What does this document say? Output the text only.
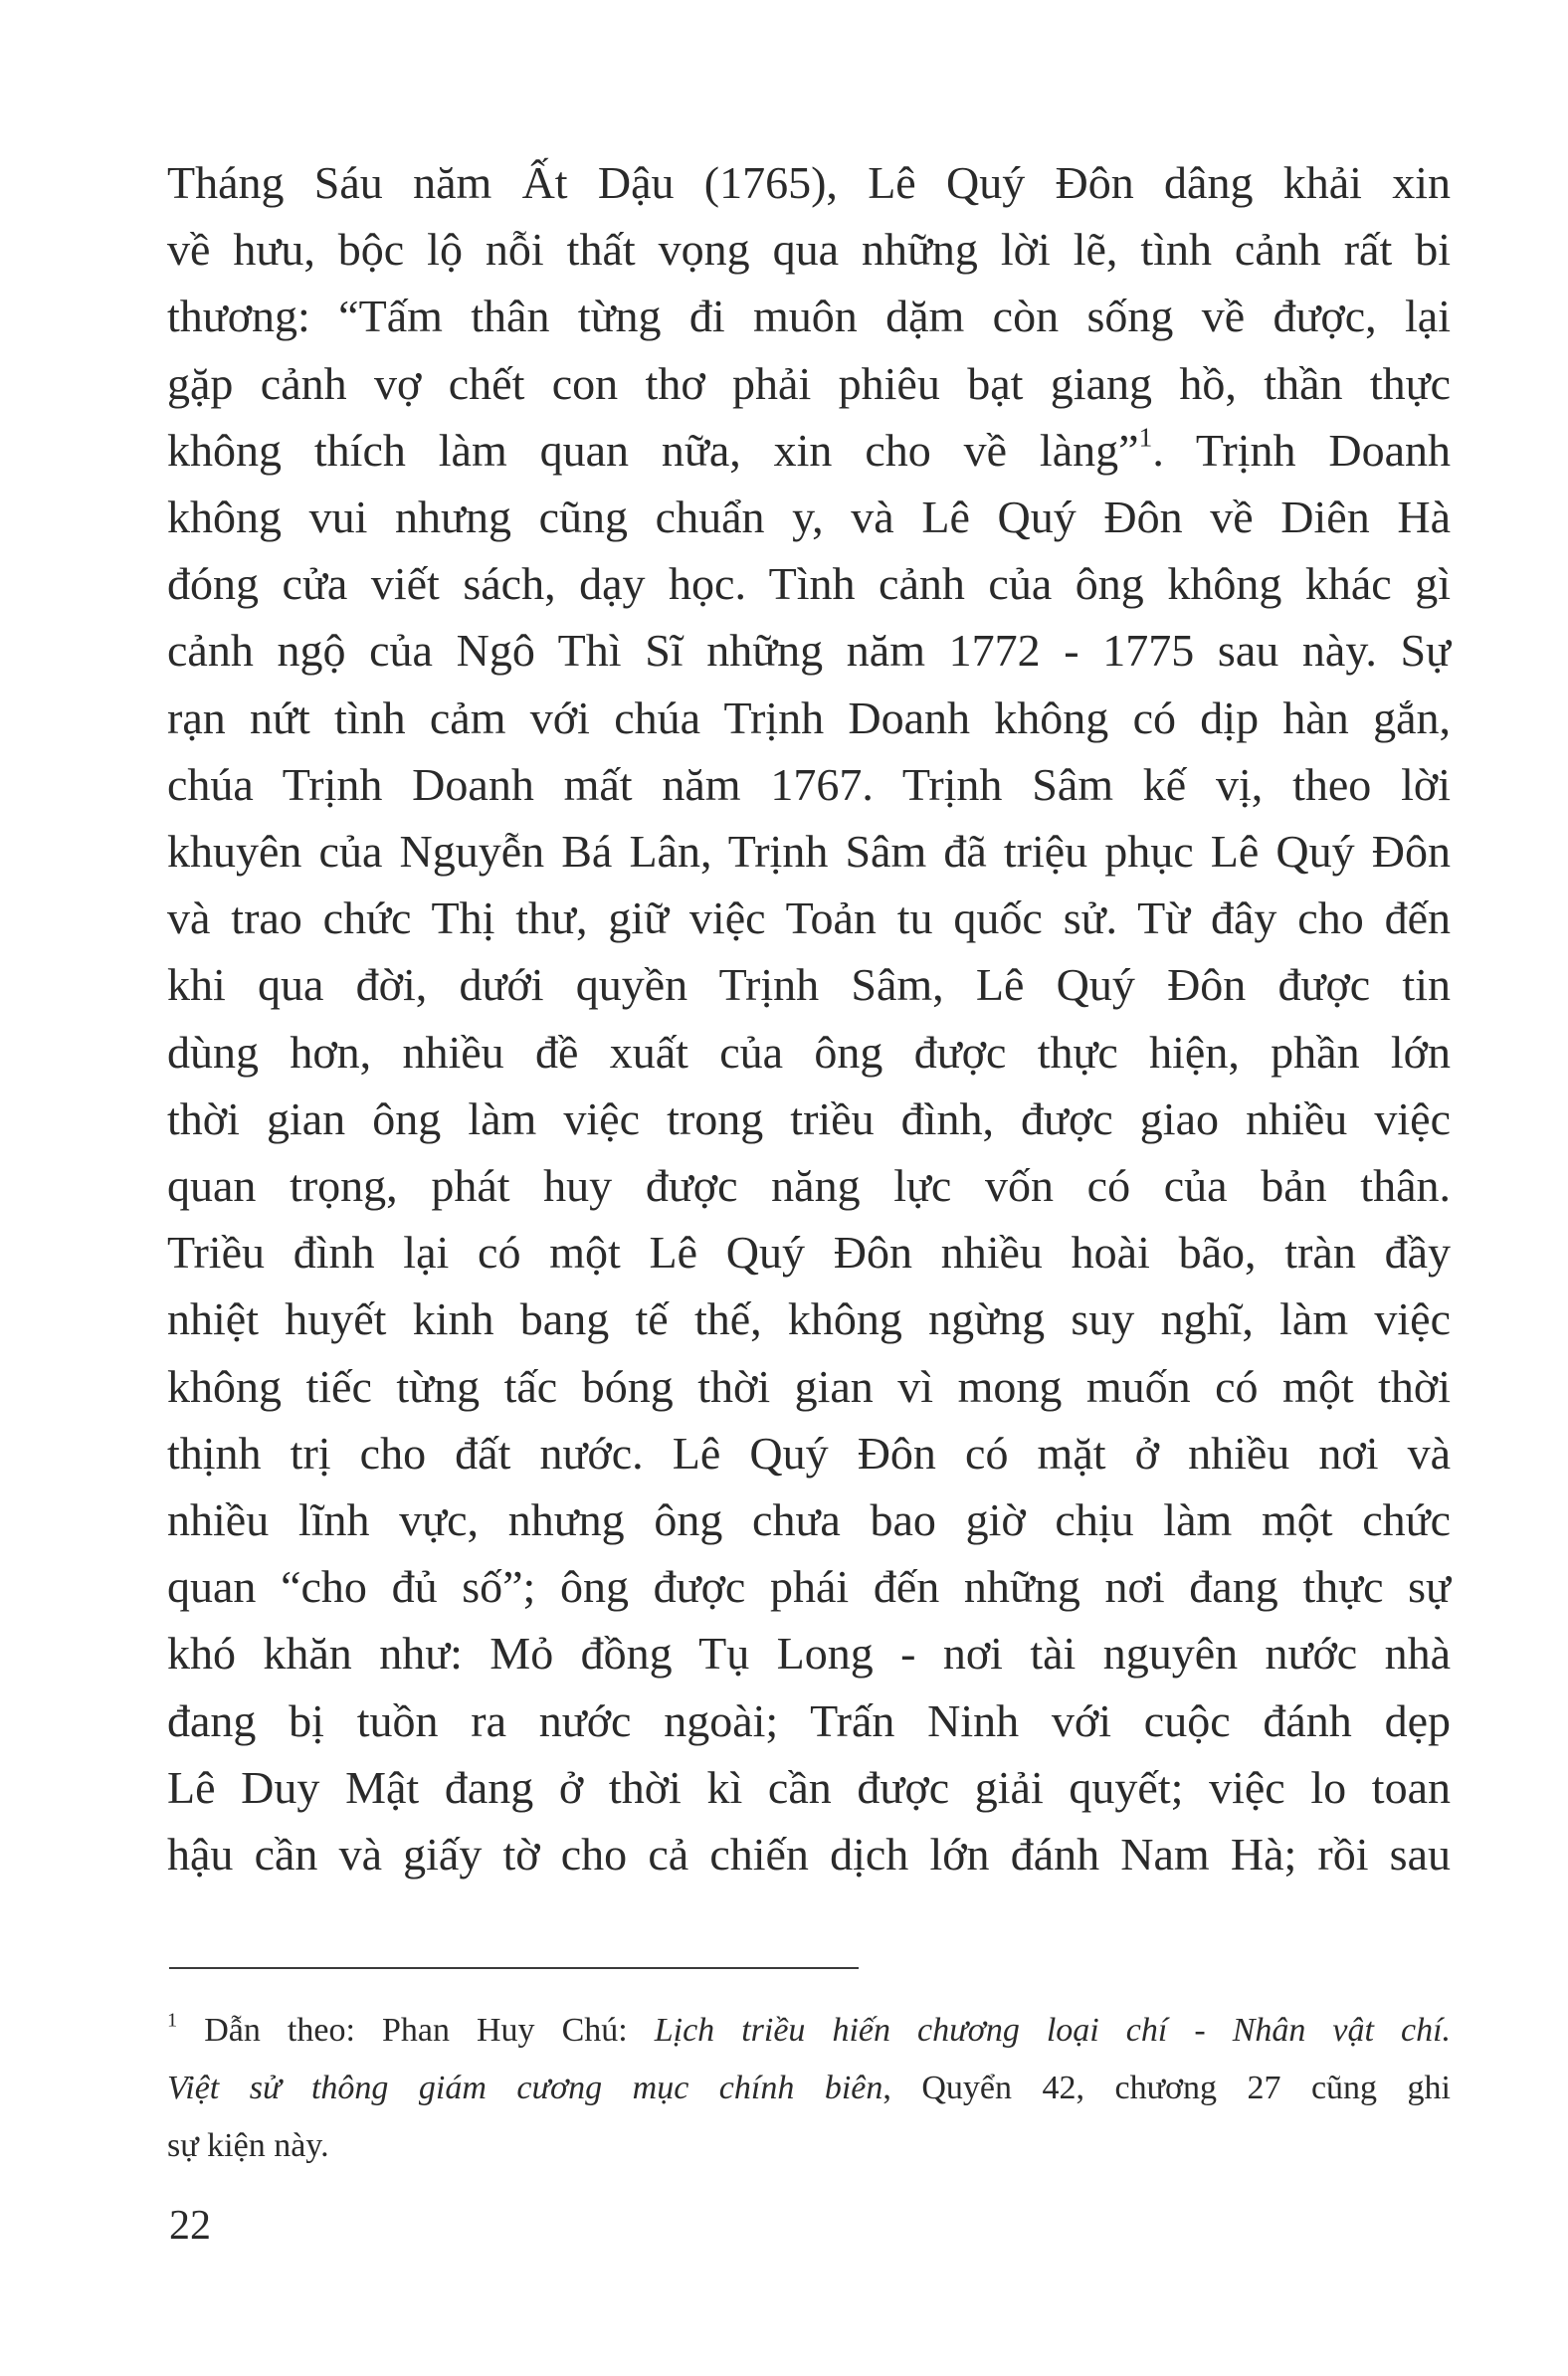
Tháng Sáu năm Ất Dậu (1765), Lê Quý Đôn dâng khải xin
về hưu, bộc lộ nỗi thất vọng qua những lời lẽ, tình cảnh rất bi
thương: “Tấm thân từng đi muôn dặm còn sống về được, lại
gặp cảnh vợ chết con thơ phải phiêu bạt giang hồ, thần thực
không thích làm quan nữa, xin cho về làng”$^1$. Trịnh Doanh
không vui nhưng cũng chuẩn y, và Lê Quý Đôn về Diên Hà
đóng cửa viết sách, dạy học. Tình cảnh của ông không khác gì
cảnh ngộ của Ngô Thì Sĩ những năm 1772 - 1775 sau này. Sự
rạn nứt tình cảm với chúa Trịnh Doanh không có dịp hàn gắn,
chúa Trịnh Doanh mất năm 1767. Trịnh Sâm kế vị, theo lời
khuyên của Nguyễn Bá Lân, Trịnh Sâm đã triệu phục Lê Quý Đôn
và trao chức Thị thư, giữ việc Toản tu quốc sử. Từ đây cho đến
khi qua đời, dưới quyền Trịnh Sâm, Lê Quý Đôn được tin
dùng hơn, nhiều đề xuất của ông được thực hiện, phần lớn
thời gian ông làm việc trong triều đình, được giao nhiều việc
quan trọng, phát huy được năng lực vốn có của bản thân.
Triều đình lại có một Lê Quý Đôn nhiều hoài bão, tràn đầy
nhiệt huyết kinh bang tế thế, không ngừng suy nghĩ, làm việc
không tiếc từng tấc bóng thời gian vì mong muốn có một thời
thịnh trị cho đất nước. Lê Quý Đôn có mặt ở nhiều nơi và
nhiều lĩnh vực, nhưng ông chưa bao giờ chịu làm một chức
quan “cho đủ số”; ông được phái đến những nơi đang thực sự
khó khăn như: Mỏ đồng Tụ Long - nơi tài nguyên nước nhà
đang bị tuồn ra nước ngoài; Trấn Ninh với cuộc đánh dẹp
Lê Duy Mật đang ở thời kì cần được giải quyết; việc lo toan
hậu cần và giấy tờ cho cả chiến dịch lớn đánh Nam Hà; rồi sau
$^1$ Dẫn theo: Phan Huy Chú: Lịch triều hiến chương loại chí - Nhân vật chí.
Việt sử thông giám cương mục chính biên, Quyển 42, chương 27 cũng ghi
sự kiện này.
22
